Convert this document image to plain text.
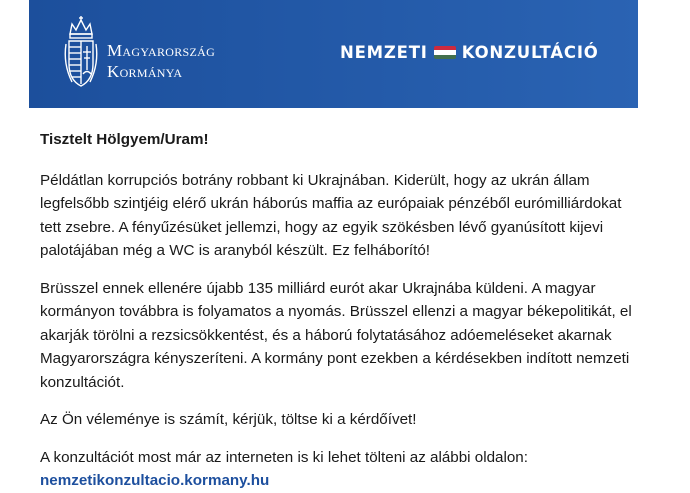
Magyarország
Kormánya
NEMZETI KONZULTÁCIÓ

Tisztelt Hölgyem/Uram!

Példátlan korrupciós botrány robbant ki Ukrajnában. Kiderült, hogy az ukrán állam legfelsőbb szintjéig elérő ukrán háborús maffia az európaiak pénzéből eurómilliárdokat tett zsebre. A fényűzésüket jellemzi, hogy az egyik szökésben lévő gyanúsított kijevi palotájában még a WC is aranyból készült. Ez felháborító!

Brüsszel ennek ellenére újabb 135 milliárd eurót akar Ukrajnába küldeni. A magyar kormányon továbbra is folyamatos a nyomás. Brüsszel ellenzi a magyar békepolitikát, el akarják törölni a rezsicsökkentést, és a háború folytatásához adóemeléseket akarnak Magyarországra kényszeríteni. A kormány pont ezekben a kérdésekben indított nemzeti konzultációt.

Az Ön véleménye is számít, kérjük, töltse ki a kérdőívet!

A konzultációt most már az interneten is ki lehet tölteni az alábbi oldalon:
nemzetikonzultacio.kormany.hu
